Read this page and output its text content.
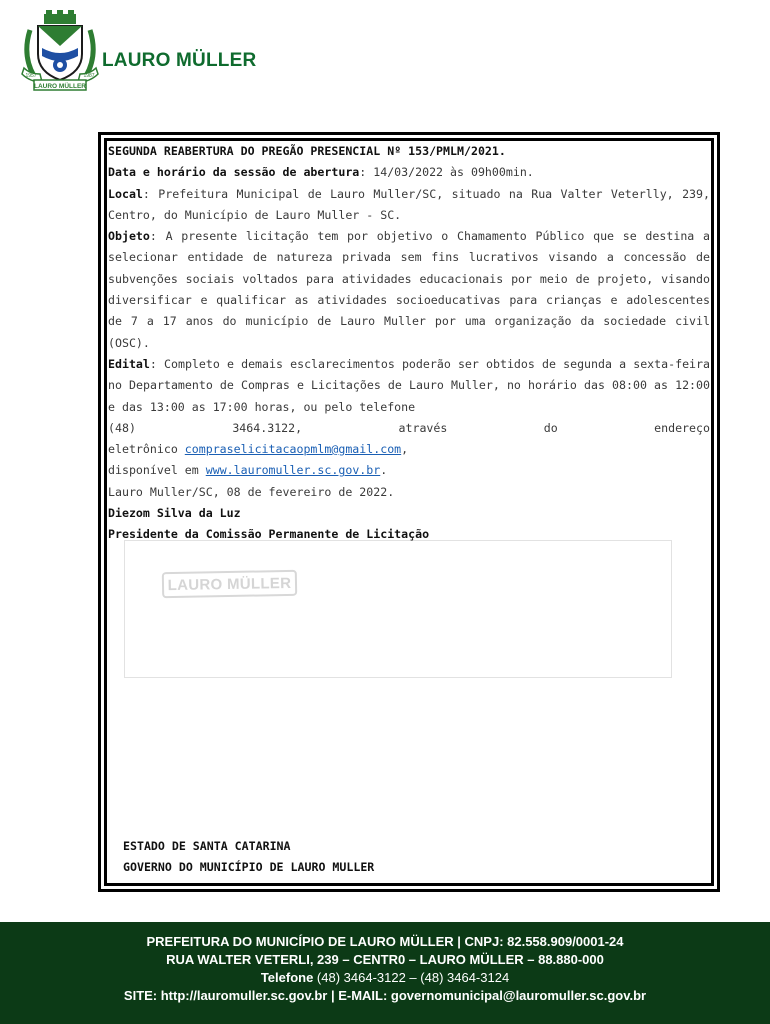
LAURO MÜLLER
1957	1987
LAURO MÜLLER
LAURO MÜLLER

SEGUNDA REABERTURA DO PREGÃO PRESENCIAL Nº 153/PMLM/2021.

Data e horário da sessão de abertura: 14/03/2022 às 09h00min.

Local: Prefeitura Municipal de Lauro Muller/SC, situado na Rua Valter Veterlly, 239, Centro, do Município de Lauro Muller - SC.

Objeto: A presente licitação tem por objetivo o Chamamento Público que se destina a selecionar entidade de natureza privada sem fins lucrativos visando a concessão de subvenções sociais voltados para atividades educacionais por meio de projeto, visando diversificar e qualificar as atividades socioeducativas para crianças e adolescentes de 7 a 17 anos do município de Lauro Muller por uma organização da sociedade civil (OSC).

Edital: Completo e demais esclarecimentos poderão ser obtidos de segunda a sexta-feira no Departamento de Compras e Licitações de Lauro Muller, no horário das 08:00 as 12:00 e das 13:00 as 17:00 horas, ou pelo telefone

(48)	3464.3122,	através	do	endereço

eletrônico compraselicitacaopmlm@gmail.com,

disponível em www.lauromuller.sc.gov.br.

Lauro Muller/SC, 08 de fevereiro de 2022.

Diezom Silva da Luz

Presidente da Comissão Permanente de Licitação

ESTADO DE SANTA CATARINA
GOVERNO DO MUNICÍPIO DE LAURO MULLER
PREFEITURA DO MUNICÍPIO DE LAURO MÜLLER | CNPJ: 82.558.909/0001-24
RUA WALTER VETERLI, 239 – CENTR0 – LAURO MÜLLER – 88.880-000
Telefone (48) 3464-3122 – (48) 3464-3124
SITE: http://lauromuller.sc.gov.br | E-MAIL: governomunicipal@lauromuller.sc.gov.br
